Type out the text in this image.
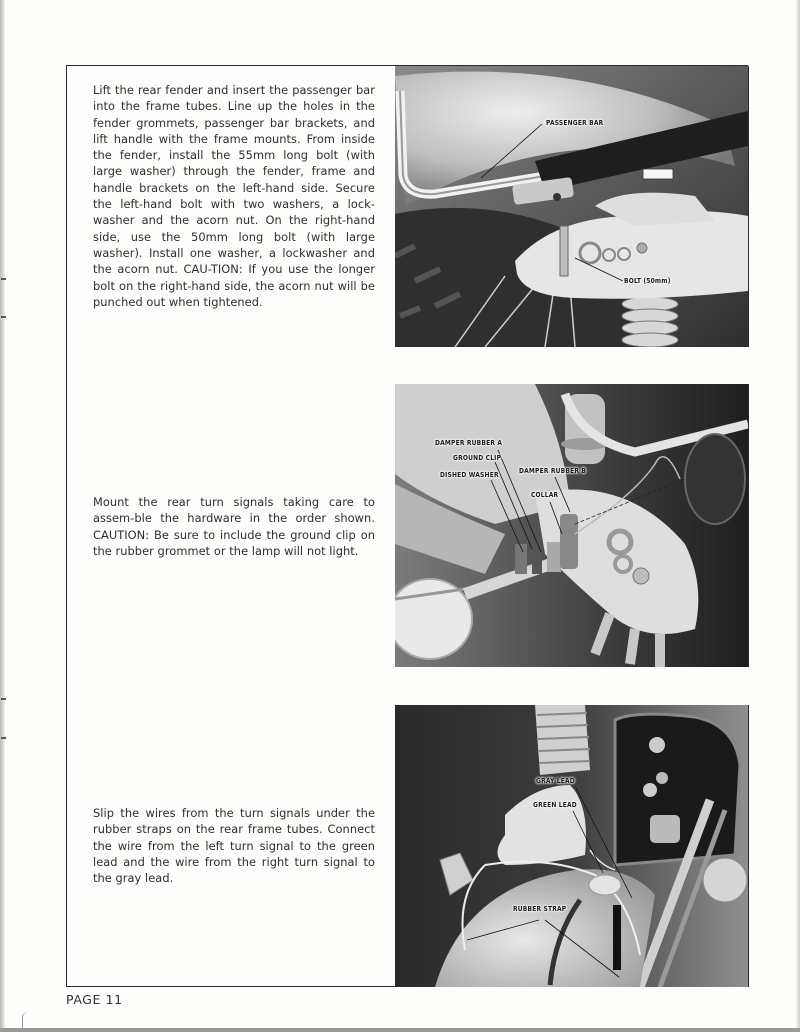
Lift the rear fender and insert the passenger bar into the frame tubes. Line up the holes in the fender grommets, passenger bar brackets, and lift handle with the frame mounts. From inside the fender, install the 55mm long bolt (with large washer) through the fender, frame and handle brackets on the left-hand side. Secure the left-hand bolt with two washers, a lock-washer and the acorn nut. On the right-hand side, use the 50mm long bolt (with large washer). Install one washer, a lockwasher and the acorn nut. CAU-TION: If you use the longer bolt on the right-hand side, the acorn nut will be punched out when tightened.

PASSENGER BAR
BOLT (50mm)

Mount the rear turn signals taking care to assem-ble the hardware in the order shown. CAUTION: Be sure to include the ground clip on the rubber grommet or the lamp will not light.

DAMPER RUBBER A
GROUND CLIP
DISHED WASHER	DAMPER RUBBER B
COLLAR

Slip the wires from the turn signals under the rubber straps on the rear frame tubes. Connect the wire from the left turn signal to the green lead and the wire from the right turn signal to the gray lead.

GRAY LEAD
GREEN LEAD
RUBBER STRAP
PAGE 11
